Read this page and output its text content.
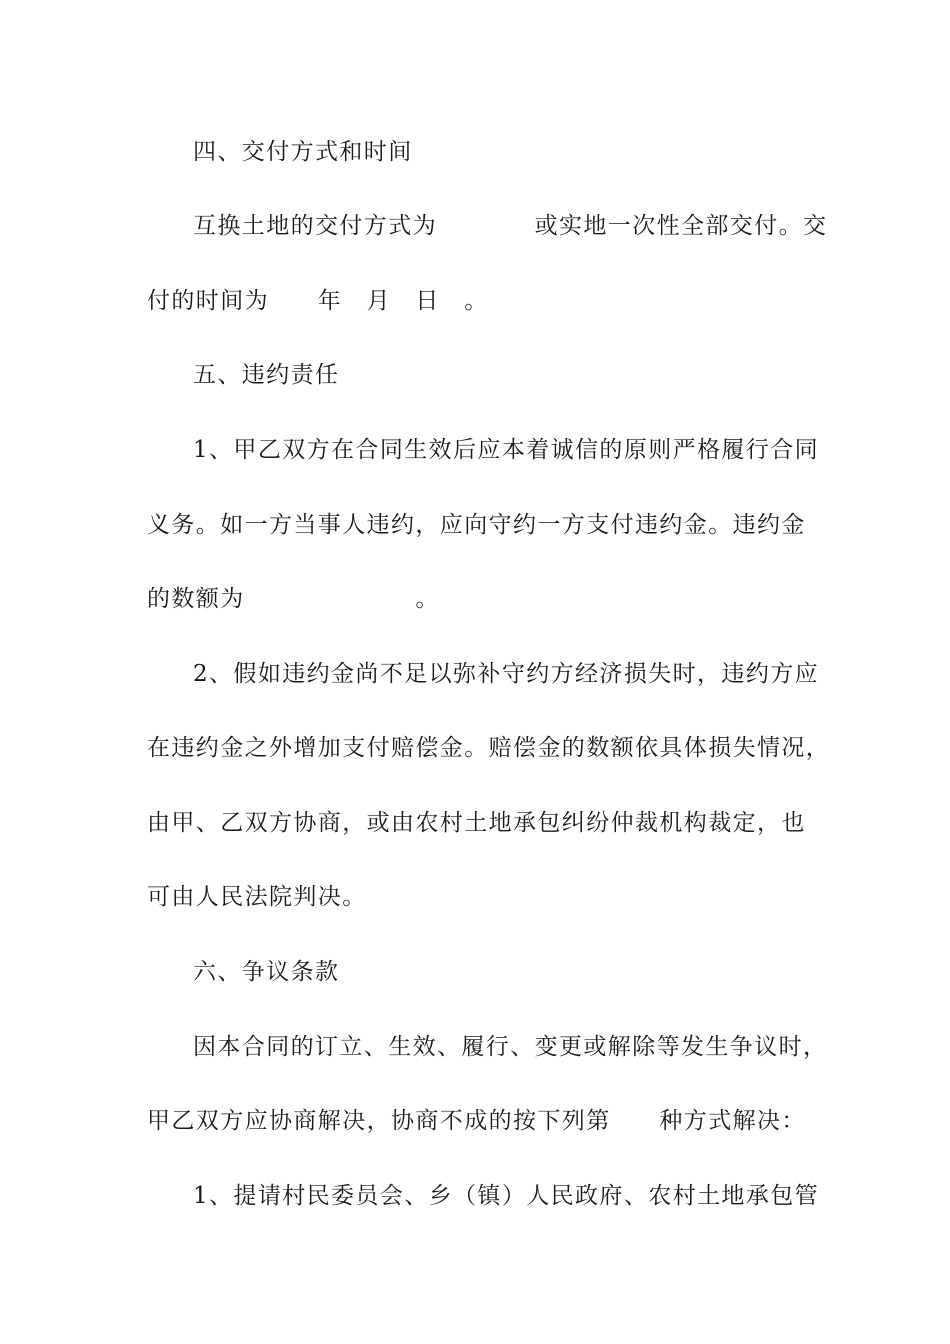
四、交付方式和时间
互换土地的交付方式为　　　　或实地一次性全部交付。交
付的时间为　　年　月　日　。
五、违约责任
1、甲乙双方在合同生效后应本着诚信的原则严格履行合同
义务。如一方当事人违约，应向守约一方支付违约金。违约金
的数额为　　　　　　　。
2、假如违约金尚不足以弥补守约方经济损失时，违约方应
在违约金之外增加支付赔偿金。赔偿金的数额依具体损失情况，
由甲、乙双方协商，或由农村土地承包纠纷仲裁机构裁定，也
可由人民法院判决。
六、争议条款
因本合同的订立、生效、履行、变更或解除等发生争议时，
甲乙双方应协商解决，协商不成的按下列第　　种方式解决：
1、提请村民委员会、乡（镇）人民政府、农村土地承包管
